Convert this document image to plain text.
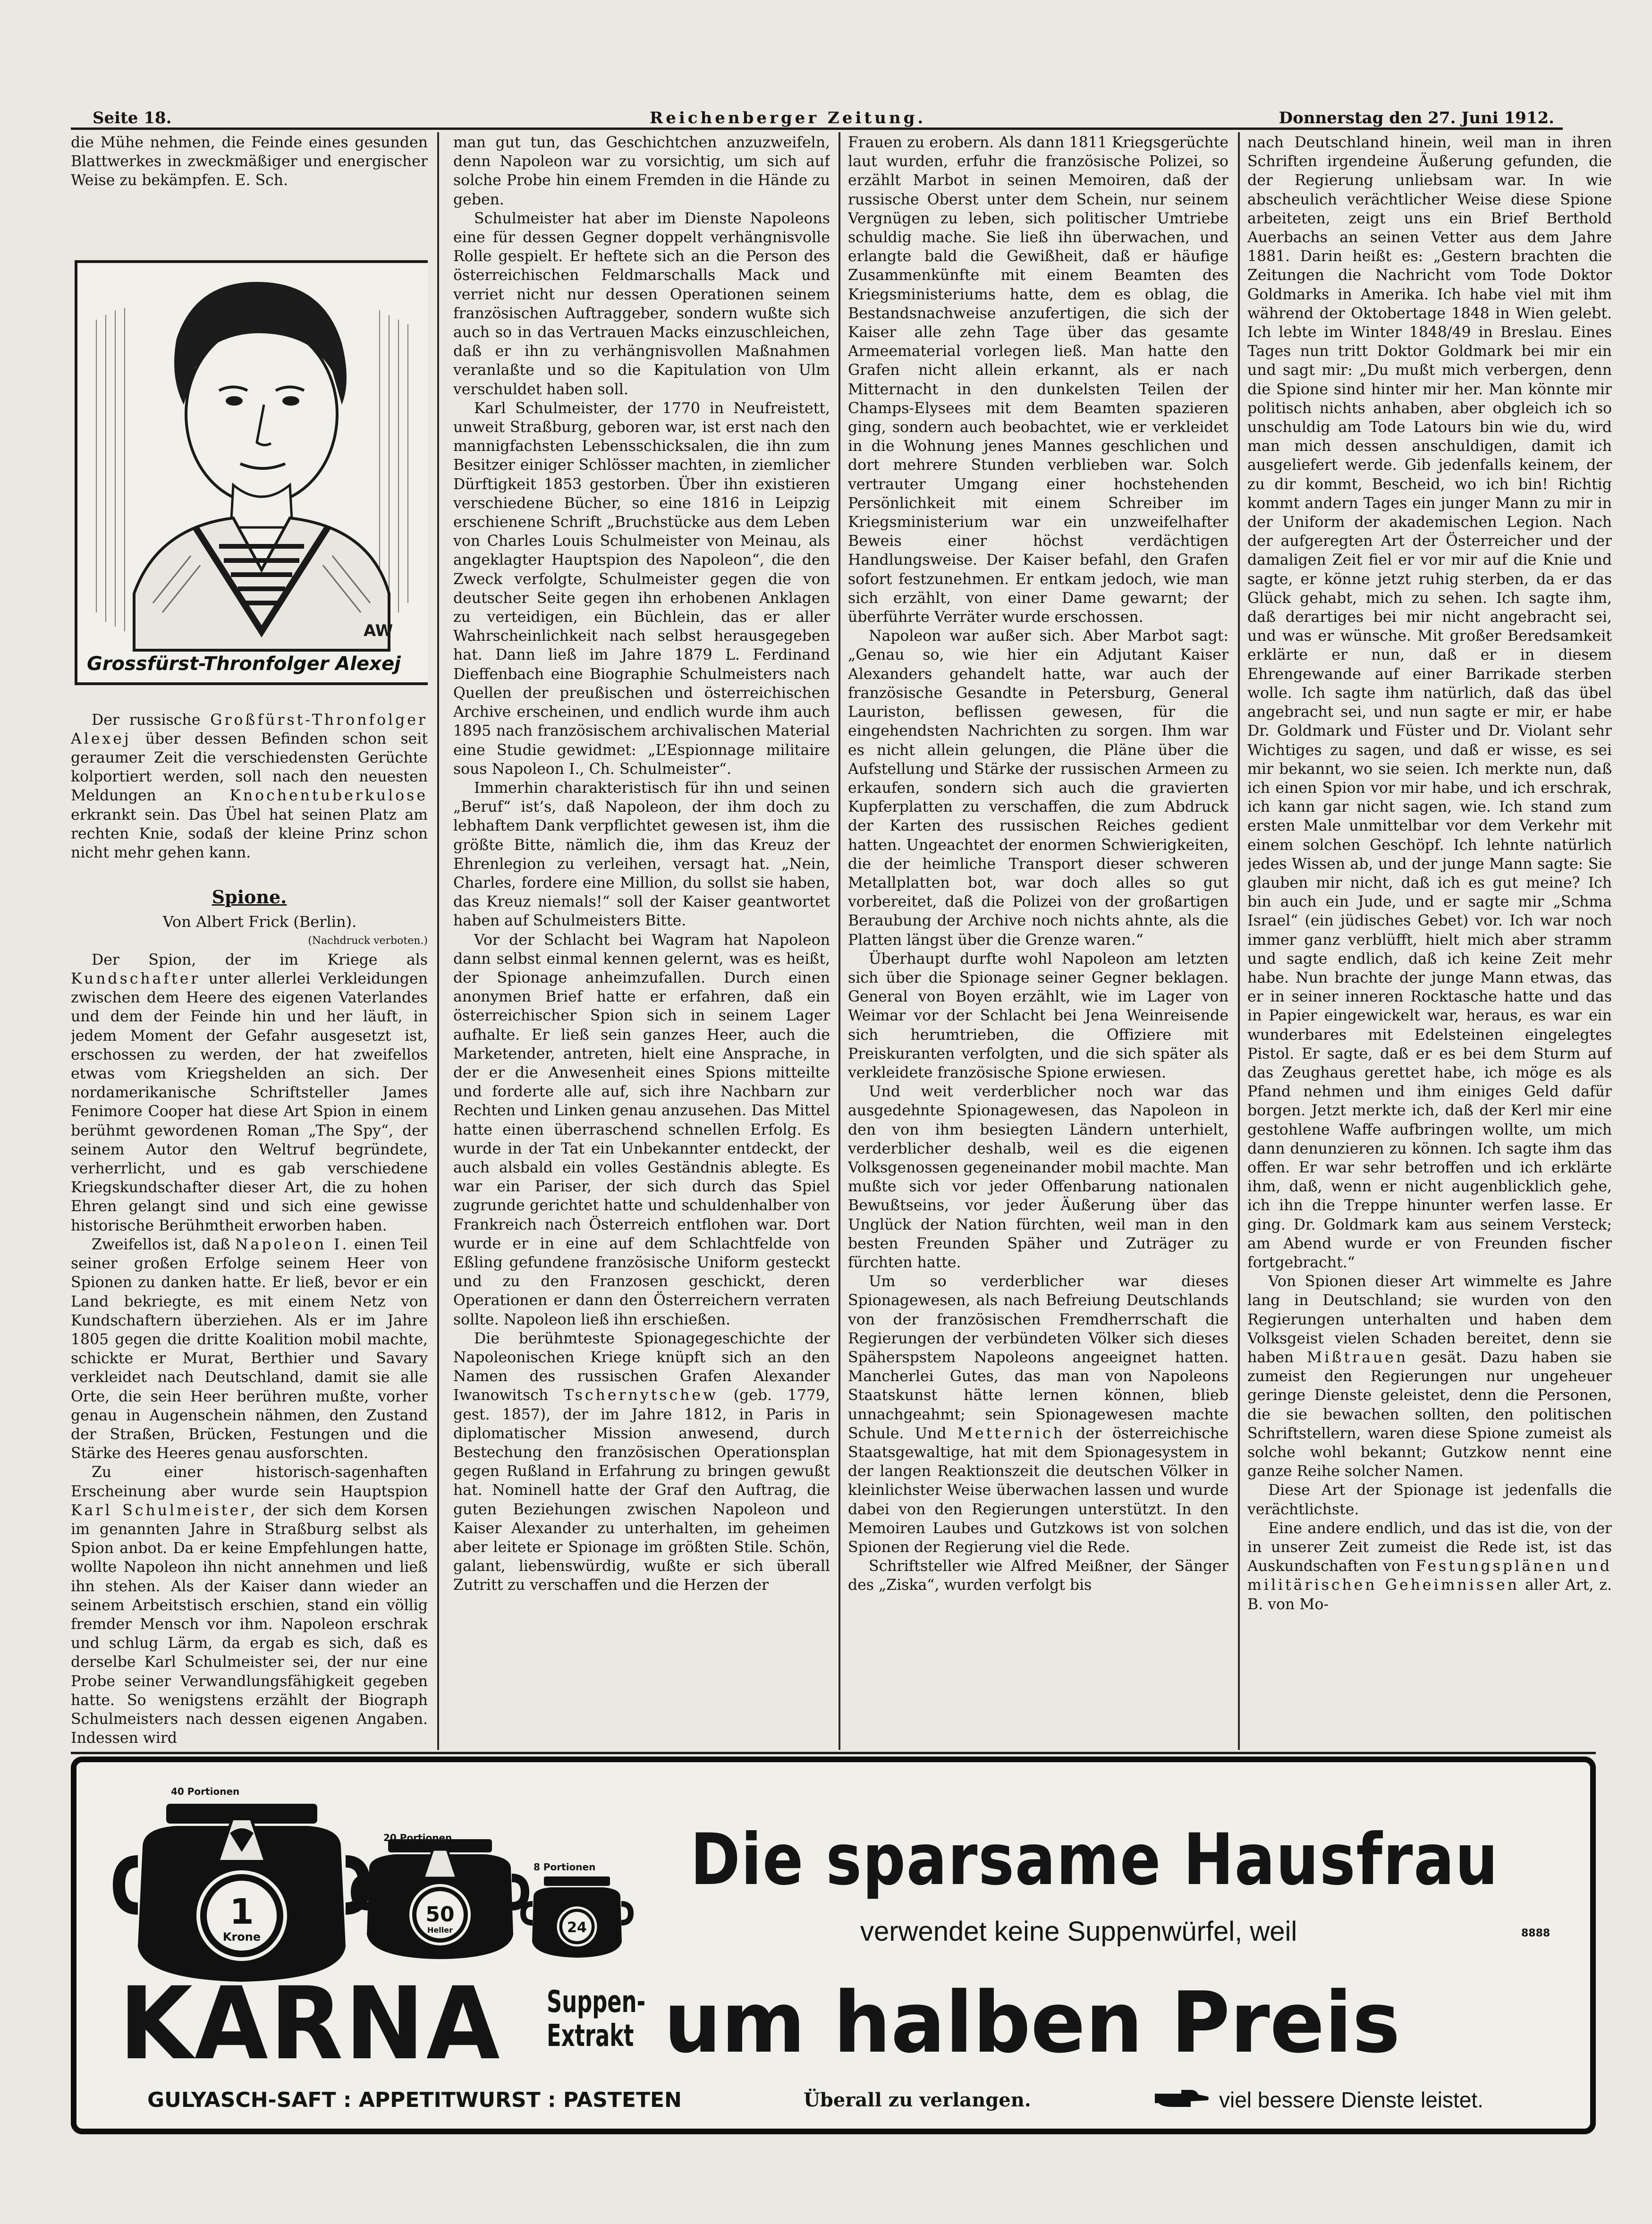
Seite 18.	Reichenberger Zeitung.	Donnerstag den 27. Juni 1912.

die Mühe nehmen, die Feinde eines gesunden Blattwerkes in zweckmäßiger und energischer Weise zu bekämpfen. E. Sch.

AW
Grossfürst-Thronfolger Alexej

Der russische Großfürst-Thronfolger Alexej über dessen Befinden schon seit geraumer Zeit die verschiedensten Gerüchte kolportiert werden, soll nach den neuesten Meldungen an Knochentuberkulose erkrankt sein. Das Übel hat seinen Platz am rechten Knie, sodaß der kleine Prinz schon nicht mehr gehen kann.

Spione.

Von Albert Frick (Berlin).

(Nachdruck verboten.)

Der Spion, der im Kriege als Kundschafter unter allerlei Verkleidungen zwischen dem Heere des eigenen Vaterlandes und dem der Feinde hin und her läuft, in jedem Moment der Gefahr ausgesetzt ist, erschossen zu werden, der hat zweifellos etwas vom Kriegshelden an sich. Der nordamerikanische Schriftsteller James Fenimore Cooper hat diese Art Spion in einem berühmt gewordenen Roman „The Spy“, der seinem Autor den Weltruf begründete, verherrlicht, und es gab verschiedene Kriegskundschafter dieser Art, die zu hohen Ehren gelangt sind und sich eine gewisse historische Berühmtheit erworben haben.

Zweifellos ist, daß Napoleon I. einen Teil seiner großen Erfolge seinem Heer von Spionen zu danken hatte. Er ließ, bevor er ein Land bekriegte, es mit einem Netz von Kundschaftern überziehen. Als er im Jahre 1805 gegen die dritte Koalition mobil machte, schickte er Murat, Berthier und Savary verkleidet nach Deutschland, damit sie alle Orte, die sein Heer berühren mußte, vorher genau in Augenschein nähmen, den Zustand der Straßen, Brücken, Festungen und die Stärke des Heeres genau ausforschten.

Zu einer historisch-sagenhaften Erscheinung aber wurde sein Hauptspion Karl Schulmeister, der sich dem Korsen im genannten Jahre in Straßburg selbst als Spion anbot. Da er keine Empfehlungen hatte, wollte Napoleon ihn nicht annehmen und ließ ihn stehen. Als der Kaiser dann wieder an seinem Arbeitstisch erschien, stand ein völlig fremder Mensch vor ihm. Napoleon erschrak und schlug Lärm, da ergab es sich, daß es derselbe Karl Schulmeister sei, der nur eine Probe seiner Verwandlungsfähigkeit gegeben hatte. So wenigstens erzählt der Biograph Schulmeisters nach dessen eigenen Angaben. Indessen wird

man gut tun, das Geschichtchen anzuzweifeln, denn Napoleon war zu vorsichtig, um sich auf solche Probe hin einem Fremden in die Hände zu geben.

Schulmeister hat aber im Dienste Napoleons eine für dessen Gegner doppelt verhängnisvolle Rolle gespielt. Er heftete sich an die Person des österreichischen Feldmarschalls Mack und verriet nicht nur dessen Operationen seinem französischen Auftraggeber, sondern wußte sich auch so in das Vertrauen Macks einzuschleichen, daß er ihn zu verhängnisvollen Maßnahmen veranlaßte und so die Kapitulation von Ulm verschuldet haben soll.

Karl Schulmeister, der 1770 in Neufreistett, unweit Straßburg, geboren war, ist erst nach den mannigfachsten Lebensschicksalen, die ihn zum Besitzer einiger Schlösser machten, in ziemlicher Dürftigkeit 1853 gestorben. Über ihn existieren verschiedene Bücher, so eine 1816 in Leipzig erschienene Schrift „Bruchstücke aus dem Leben von Charles Louis Schulmeister von Meinau, als angeklagter Hauptspion des Napoleon“, die den Zweck verfolgte, Schulmeister gegen die von deutscher Seite gegen ihn erhobenen Anklagen zu verteidigen, ein Büchlein, das er aller Wahrscheinlichkeit nach selbst herausgegeben hat. Dann ließ im Jahre 1879 L. Ferdinand Dieffenbach eine Biographie Schulmeisters nach Quellen der preußischen und österreichischen Archive erscheinen, und endlich wurde ihm auch 1895 nach französischem archivalischen Material eine Studie gewidmet: „L’Espionnage militaire sous Napoleon I., Ch. Schulmeister“.

Immerhin charakteristisch für ihn und seinen „Beruf“ ist’s, daß Napoleon, der ihm doch zu lebhaftem Dank verpflichtet gewesen ist, ihm die größte Bitte, nämlich die, ihm das Kreuz der Ehrenlegion zu verleihen, versagt hat. „Nein, Charles, fordere eine Million, du sollst sie haben, das Kreuz niemals!“ soll der Kaiser geantwortet haben auf Schulmeisters Bitte.

Vor der Schlacht bei Wagram hat Napoleon dann selbst einmal kennen gelernt, was es heißt, der Spionage anheimzufallen. Durch einen anonymen Brief hatte er erfahren, daß ein österreichischer Spion sich in seinem Lager aufhalte. Er ließ sein ganzes Heer, auch die Marketender, antreten, hielt eine Ansprache, in der er die Anwesenheit eines Spions mitteilte und forderte alle auf, sich ihre Nachbarn zur Rechten und Linken genau anzusehen. Das Mittel hatte einen überraschend schnellen Erfolg. Es wurde in der Tat ein Unbekannter entdeckt, der auch alsbald ein volles Geständnis ablegte. Es war ein Pariser, der sich durch das Spiel zugrunde gerichtet hatte und schuldenhalber von Frankreich nach Österreich entflohen war. Dort wurde er in eine auf dem Schlachtfelde von Eßling gefundene französische Uniform gesteckt und zu den Franzosen geschickt, deren Operationen er dann den Österreichern verraten sollte. Napoleon ließ ihn erschießen.

Die berühmteste Spionagegeschichte der Napoleonischen Kriege knüpft sich an den Namen des russischen Grafen Alexander Iwanowitsch Tschernytschew (geb. 1779, gest. 1857), der im Jahre 1812, in Paris in diplomatischer Mission anwesend, durch Bestechung den französischen Operationsplan gegen Rußland in Erfahrung zu bringen gewußt hat. Nominell hatte der Graf den Auftrag, die guten Beziehungen zwischen Napoleon und Kaiser Alexander zu unterhalten, im geheimen aber leitete er Spionage im größten Stile. Schön, galant, liebenswürdig, wußte er sich überall Zutritt zu verschaffen und die Herzen der

Frauen zu erobern. Als dann 1811 Kriegsgerüchte laut wurden, erfuhr die französische Polizei, so erzählt Marbot in seinen Memoiren, daß der russische Oberst unter dem Schein, nur seinem Vergnügen zu leben, sich politischer Umtriebe schuldig mache. Sie ließ ihn überwachen, und erlangte bald die Gewißheit, daß er häufige Zusammenkünfte mit einem Beamten des Kriegsministeriums hatte, dem es oblag, die Bestandsnachweise anzufertigen, die sich der Kaiser alle zehn Tage über das gesamte Armeematerial vorlegen ließ. Man hatte den Grafen nicht allein erkannt, als er nach Mitternacht in den dunkelsten Teilen der Champs-Elysees mit dem Beamten spazieren ging, sondern auch beobachtet, wie er verkleidet in die Wohnung jenes Mannes geschlichen und dort mehrere Stunden verblieben war. Solch vertrauter Umgang einer hochstehenden Persönlichkeit mit einem Schreiber im Kriegsministerium war ein unzweifelhafter Beweis einer höchst verdächtigen Handlungsweise. Der Kaiser befahl, den Grafen sofort festzunehmen. Er entkam jedoch, wie man sich erzählt, von einer Dame gewarnt; der überführte Verräter wurde erschossen.

Napoleon war außer sich. Aber Marbot sagt: „Genau so, wie hier ein Adjutant Kaiser Alexanders gehandelt hatte, war auch der französische Gesandte in Petersburg, General Lauriston, beflissen gewesen, für die eingehendsten Nachrichten zu sorgen. Ihm war es nicht allein gelungen, die Pläne über die Aufstellung und Stärke der russischen Armeen zu erkaufen, sondern sich auch die gravierten Kupferplatten zu verschaffen, die zum Abdruck der Karten des russischen Reiches gedient hatten. Ungeachtet der enormen Schwierigkeiten, die der heimliche Transport dieser schweren Metallplatten bot, war doch alles so gut vorbereitet, daß die Polizei von der großartigen Beraubung der Archive noch nichts ahnte, als die Platten längst über die Grenze waren.“

Überhaupt durfte wohl Napoleon am letzten sich über die Spionage seiner Gegner beklagen. General von Boyen erzählt, wie im Lager von Weimar vor der Schlacht bei Jena Weinreisende sich herumtrieben, die Offiziere mit Preiskuranten verfolgten, und die sich später als verkleidete französische Spione erwiesen.

Und weit verderblicher noch war das ausgedehnte Spionagewesen, das Napoleon in den von ihm besiegten Ländern unterhielt, verderblicher deshalb, weil es die eigenen Volksgenossen gegeneinander mobil machte. Man mußte sich vor jeder Offenbarung nationalen Bewußtseins, vor jeder Äußerung über das Unglück der Nation fürchten, weil man in den besten Freunden Späher und Zuträger zu fürchten hatte.

Um so verderblicher war dieses Spionagewesen, als nach Befreiung Deutschlands von der französischen Fremdherrschaft die Regierungen der verbündeten Völker sich dieses Späherspstem Napoleons angeeignet hatten. Mancherlei Gutes, das man von Napoleons Staatskunst hätte lernen können, blieb unnachgeahmt; sein Spionagewesen machte Schule. Und Metternich der österreichische Staatsgewaltige, hat mit dem Spionagesystem in der langen Reaktionszeit die deutschen Völker in kleinlichster Weise überwachen lassen und wurde dabei von den Regierungen unterstützt. In den Memoiren Laubes und Gutzkows ist von solchen Spionen der Regierung viel die Rede.

Schriftsteller wie Alfred Meißner, der Sänger des „Ziska“, wurden verfolgt bis

nach Deutschland hinein, weil man in ihren Schriften irgendeine Äußerung gefunden, die der Regierung unliebsam war. In wie abscheulich verächtlicher Weise diese Spione arbeiteten, zeigt uns ein Brief Berthold Auerbachs an seinen Vetter aus dem Jahre 1881. Darin heißt es: „Gestern brachten die Zeitungen die Nachricht vom Tode Doktor Goldmarks in Amerika. Ich habe viel mit ihm während der Oktobertage 1848 in Wien gelebt. Ich lebte im Winter 1848/49 in Breslau. Eines Tages nun tritt Doktor Goldmark bei mir ein und sagt mir: „Du mußt mich verbergen, denn die Spione sind hinter mir her. Man könnte mir politisch nichts anhaben, aber obgleich ich so unschuldig am Tode Latours bin wie du, wird man mich dessen anschuldigen, damit ich ausgeliefert werde. Gib jedenfalls keinem, der zu dir kommt, Bescheid, wo ich bin! Richtig kommt andern Tages ein junger Mann zu mir in der Uniform der akademischen Legion. Nach der aufgeregten Art der Österreicher und der damaligen Zeit fiel er vor mir auf die Knie und sagte, er könne jetzt ruhig sterben, da er das Glück gehabt, mich zu sehen. Ich sagte ihm, daß derartiges bei mir nicht angebracht sei, und was er wünsche. Mit großer Beredsamkeit erklärte er nun, daß er in diesem Ehrengewande auf einer Barrikade sterben wolle. Ich sagte ihm natürlich, daß das übel angebracht sei, und nun sagte er mir, er habe Dr. Goldmark und Füster und Dr. Violant sehr Wichtiges zu sagen, und daß er wisse, es sei mir bekannt, wo sie seien. Ich merkte nun, daß ich einen Spion vor mir habe, und ich erschrak, ich kann gar nicht sagen, wie. Ich stand zum ersten Male unmittelbar vor dem Verkehr mit einem solchen Geschöpf. Ich lehnte natürlich jedes Wissen ab, und der junge Mann sagte: Sie glauben mir nicht, daß ich es gut meine? Ich bin auch ein Jude, und er sagte mir „Schma Israel“ (ein jüdisches Gebet) vor. Ich war noch immer ganz verblüfft, hielt mich aber stramm und sagte endlich, daß ich keine Zeit mehr habe. Nun brachte der junge Mann etwas, das er in seiner inneren Rocktasche hatte und das in Papier eingewickelt war, heraus, es war ein wunderbares mit Edelsteinen eingelegtes Pistol. Er sagte, daß er es bei dem Sturm auf das Zeughaus gerettet habe, ich möge es als Pfand nehmen und ihm einiges Geld dafür borgen. Jetzt merkte ich, daß der Kerl mir eine gestohlene Waffe aufbringen wollte, um mich dann denunzieren zu können. Ich sagte ihm das offen. Er war sehr betroffen und ich erklärte ihm, daß, wenn er nicht augenblicklich gehe, ich ihn die Treppe hinunter werfen lasse. Er ging. Dr. Goldmark kam aus seinem Versteck; am Abend wurde er von Freunden fischer fortgebracht.“

Von Spionen dieser Art wimmelte es Jahre lang in Deutschland; sie wurden von den Regierungen unterhalten und haben dem Volksgeist vielen Schaden bereitet, denn sie haben Mißtrauen gesät. Dazu haben sie zumeist den Regierungen nur ungeheuer geringe Dienste geleistet, denn die Personen, die sie bewachen sollten, den politischen Schriftstellern, waren diese Spione zumeist als solche wohl bekannt; Gutzkow nennt eine ganze Reihe solcher Namen.

Diese Art der Spionage ist jedenfalls die verächtlichste.

Eine andere endlich, und das ist die, von der in unserer Zeit zumeist die Rede ist, ist das Auskundschaften von Festungsplänen und militärischen Geheimnissen aller Art, z. B. von Mo-

1
Krone
40 Portionen
50
Heller
20 Portionen
24
8 Portionen Die sparsame Hausfrau
verwendet keine Suppenwürfel, weil	8888
KARNA Suppen-
Extrakt um halben Preis
GULYASCH-SAFT : APPETITWURST : PASTETEN	Überall zu verlangen.	viel bessere Dienste leistet.
